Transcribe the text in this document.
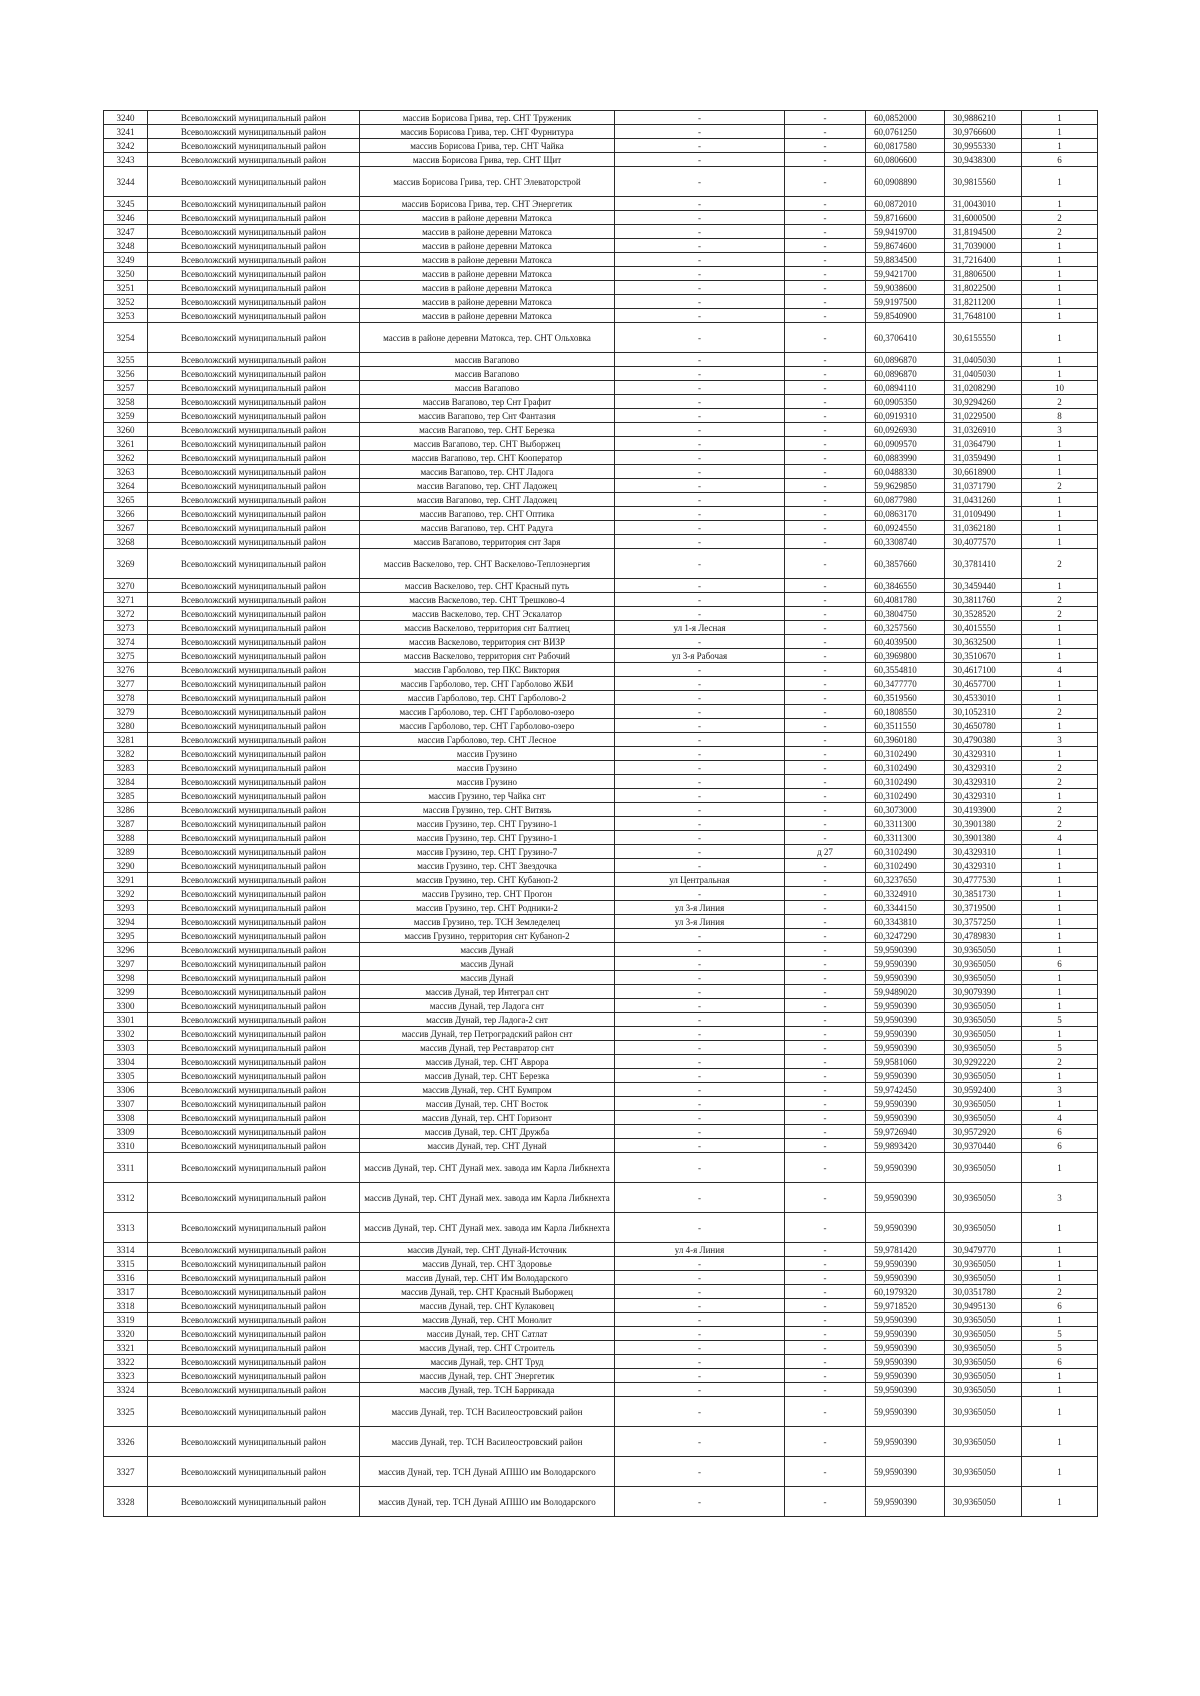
3240	Всеволожский муниципальный район	массив Борисова Грива, тер. СНТ Труженик	-	-	60,0852000	30,9886210	1
3241	Всеволожский муниципальный район	массив Борисова Грива, тер. СНТ Фурнитура	-	-	60,0761250	30,9766600	1
3242	Всеволожский муниципальный район	массив Борисова Грива, тер. СНТ Чайка	-	-	60,0817580	30,9955330	1
3243	Всеволожский муниципальный район	массив Борисова Грива, тер. СНТ Щит	-	-	60,0806600	30,9438300	6
3244	Всеволожский муниципальный район	массив Борисова Грива, тер. СНТ Элеваторстрой	-	-	60,0908890	30,9815560	1
3245	Всеволожский муниципальный район	массив Борисова Грива, тер. СНТ Энергетик	-	-	60,0872010	31,0043010	1
3246	Всеволожский муниципальный район	массив в районе деревни Матокса	-	-	59,8716600	31,6000500	2
3247	Всеволожский муниципальный район	массив в районе деревни Матокса	-	-	59,9419700	31,8194500	2
3248	Всеволожский муниципальный район	массив в районе деревни Матокса	-	-	59,8674600	31,7039000	1
3249	Всеволожский муниципальный район	массив в районе деревни Матокса	-	-	59,8834500	31,7216400	1
3250	Всеволожский муниципальный район	массив в районе деревни Матокса	-	-	59,9421700	31,8806500	1
3251	Всеволожский муниципальный район	массив в районе деревни Матокса	-	-	59,9038600	31,8022500	1
3252	Всеволожский муниципальный район	массив в районе деревни Матокса	-	-	59,9197500	31,8211200	1
3253	Всеволожский муниципальный район	массив в районе деревни Матокса	-	-	59,8540900	31,7648100	1
3254	Всеволожский муниципальный район	массив в районе деревни Матокса, тер. СНТ Ольховка	-	-	60,3706410	30,6155550	1
3255	Всеволожский муниципальный район	массив Вагапово	-	-	60,0896870	31,0405030	1
3256	Всеволожский муниципальный район	массив Вагапово	-	-	60,0896870	31,0405030	1
3257	Всеволожский муниципальный район	массив Вагапово	-	-	60,0894110	31,0208290	10
3258	Всеволожский муниципальный район	массив Вагапово, тер Снт Графит	-	-	60,0905350	30,9294260	2
3259	Всеволожский муниципальный район	массив Вагапово, тер Снт Фантазия	-	-	60,0919310	31,0229500	8
3260	Всеволожский муниципальный район	массив Вагапово, тер. СНТ Березка	-	-	60,0926930	31,0326910	3
3261	Всеволожский муниципальный район	массив Вагапово, тер. СНТ Выборжец	-	-	60,0909570	31,0364790	1
3262	Всеволожский муниципальный район	массив Вагапово, тер. СНТ Кооператор	-	-	60,0883990	31,0359490	1
3263	Всеволожский муниципальный район	массив Вагапово, тер. СНТ Ладога	-	-	60,0488330	30,6618900	1
3264	Всеволожский муниципальный район	массив Вагапово, тер. СНТ Ладожец	-	-	59,9629850	31,0371790	2
3265	Всеволожский муниципальный район	массив Вагапово, тер. СНТ Ладожец	-	-	60,0877980	31,0431260	1
3266	Всеволожский муниципальный район	массив Вагапово, тер. СНТ Оптика	-	-	60,0863170	31,0109490	1
3267	Всеволожский муниципальный район	массив Вагапово, тер. СНТ Радуга	-	-	60,0924550	31,0362180	1
3268	Всеволожский муниципальный район	массив Вагапово, территория снт Заря	-	-	60,3308740	30,4077570	1
3269	Всеволожский муниципальный район	массив Васкелово, тер. СНТ Васкелово-Теплоэнергия	-	-	60,3857660	30,3781410	2
3270	Всеволожский муниципальный район	массив Васкелово, тер. СНТ Красный путь	-	-	60,3846550	30,3459440	1
3271	Всеволожский муниципальный район	массив Васкелово, тер. СНТ Трешково-4	-	-	60,4081780	30,3811760	2
3272	Всеволожский муниципальный район	массив Васкелово, тер. СНТ Эскалатор	-	-	60,3804750	30,3528520	2
3273	Всеволожский муниципальный район	массив Васкелово, территория снт Балтиец	ул 1-я Лесная	-	60,3257560	30,4015550	1
3274	Всеволожский муниципальный район	массив Васкелово, территория снт ВИЗР	-	-	60,4039500	30,3632500	1
3275	Всеволожский муниципальный район	массив Васкелово, территория снт Рабочий	ул 3-я Рабочая	-	60,3969800	30,3510670	1
3276	Всеволожский муниципальный район	массив Гарболово, тер ПКС Виктория	-	-	60,3554810	30,4617100	4
3277	Всеволожский муниципальный район	массив Гарболово, тер. СНТ Гарболово ЖБИ	-	-	60,3477770	30,4657700	1
3278	Всеволожский муниципальный район	массив Гарболово, тер. СНТ Гарболово-2	-	-	60,3519560	30,4533010	1
3279	Всеволожский муниципальный район	массив Гарболово, тер. СНТ Гарболово-озеро	-	-	60,1808550	30,1052310	2
3280	Всеволожский муниципальный район	массив Гарболово, тер. СНТ Гарболово-озеро	-	-	60,3511550	30,4650780	1
3281	Всеволожский муниципальный район	массив Гарболово, тер. СНТ Лесное	-	-	60,3960180	30,4790380	3
3282	Всеволожский муниципальный район	массив Грузино	-	-	60,3102490	30,4329310	1
3283	Всеволожский муниципальный район	массив Грузино	-	-	60,3102490	30,4329310	2
3284	Всеволожский муниципальный район	массив Грузино	-	-	60,3102490	30,4329310	2
3285	Всеволожский муниципальный район	массив Грузино, тер Чайка снт	-	-	60,3102490	30,4329310	1
3286	Всеволожский муниципальный район	массив Грузино, тер. СНТ Витязь	-	-	60,3073000	30,4193900	2
3287	Всеволожский муниципальный район	массив Грузино, тер. СНТ Грузино-1	-	-	60,3311300	30,3901380	2
3288	Всеволожский муниципальный район	массив Грузино, тер. СНТ Грузино-1	-	-	60,3311300	30,3901380	4
3289	Всеволожский муниципальный район	массив Грузино, тер. СНТ Грузино-7	-	д 27	60,3102490	30,4329310	1
3290	Всеволожский муниципальный район	массив Грузино, тер. СНТ Звездочка	-	-	60,3102490	30,4329310	1
3291	Всеволожский муниципальный район	массив Грузино, тер. СНТ Кубаноп-2	ул Центральная	-	60,3237650	30,4777530	1
3292	Всеволожский муниципальный район	массив Грузино, тер. СНТ Прогон	-	-	60,3324910	30,3851730	1
3293	Всеволожский муниципальный район	массив Грузино, тер. СНТ Родники-2	ул 3-я Линия	-	60,3344150	30,3719500	1
3294	Всеволожский муниципальный район	массив Грузино, тер. ТСН Земледелец	ул 3-я Линия	-	60,3343810	30,3757250	1
3295	Всеволожский муниципальный район	массив Грузино, территория снт Кубаноп-2	-	-	60,3247290	30,4789830	1
3296	Всеволожский муниципальный район	массив Дунай	-	-	59,9590390	30,9365050	1
3297	Всеволожский муниципальный район	массив Дунай	-	-	59,9590390	30,9365050	6
3298	Всеволожский муниципальный район	массив Дунай	-	-	59,9590390	30,9365050	1
3299	Всеволожский муниципальный район	массив Дунай, тер Интеграл снт	-	-	59,9489020	30,9079390	1
3300	Всеволожский муниципальный район	массив Дунай, тер Ладога снт	-	-	59,9590390	30,9365050	1
3301	Всеволожский муниципальный район	массив Дунай, тер Ладога-2 снт	-	-	59,9590390	30,9365050	5
3302	Всеволожский муниципальный район	массив Дунай, тер Петроградский район снт	-	-	59,9590390	30,9365050	1
3303	Всеволожский муниципальный район	массив Дунай, тер Реставратор снт	-	-	59,9590390	30,9365050	5
3304	Всеволожский муниципальный район	массив Дунай, тер. СНТ Аврора	-	-	59,9581060	30,9292220	2
3305	Всеволожский муниципальный район	массив Дунай, тер. СНТ Березка	-	-	59,9590390	30,9365050	1
3306	Всеволожский муниципальный район	массив Дунай, тер. СНТ Бумпром	-	-	59,9742450	30,9592400	3
3307	Всеволожский муниципальный район	массив Дунай, тер. СНТ Восток	-	-	59,9590390	30,9365050	1
3308	Всеволожский муниципальный район	массив Дунай, тер. СНТ Горизонт	-	-	59,9590390	30,9365050	4
3309	Всеволожский муниципальный район	массив Дунай, тер. СНТ Дружба	-	-	59,9726940	30,9572920	6
3310	Всеволожский муниципальный район	массив Дунай, тер. СНТ Дунай	-	-	59,9893420	30,9370440	6
3311	Всеволожский муниципальный район	массив Дунай, тер. СНТ Дунай мех. завода им Карла Либкнехта	-	-	59,9590390	30,9365050	1
3312	Всеволожский муниципальный район	массив Дунай, тер. СНТ Дунай мех. завода им Карла Либкнехта	-	-	59,9590390	30,9365050	3
3313	Всеволожский муниципальный район	массив Дунай, тер. СНТ Дунай мех. завода им Карла Либкнехта	-	-	59,9590390	30,9365050	1
3314	Всеволожский муниципальный район	массив Дунай, тер. СНТ Дунай-Источник	ул 4-я Линия	-	59,9781420	30,9479770	1
3315	Всеволожский муниципальный район	массив Дунай, тер. СНТ Здоровье	-	-	59,9590390	30,9365050	1
3316	Всеволожский муниципальный район	массив Дунай, тер. СНТ Им Володарского	-	-	59,9590390	30,9365050	1
3317	Всеволожский муниципальный район	массив Дунай, тер. СНТ Красный Выборжец	-	-	60,1979320	30,0351780	2
3318	Всеволожский муниципальный район	массив Дунай, тер. СНТ Кулаковец	-	-	59,9718520	30,9495130	6
3319	Всеволожский муниципальный район	массив Дунай, тер. СНТ Монолит	-	-	59,9590390	30,9365050	1
3320	Всеволожский муниципальный район	массив Дунай, тер. СНТ Сатлат	-	-	59,9590390	30,9365050	5
3321	Всеволожский муниципальный район	массив Дунай, тер. СНТ Строитель	-	-	59,9590390	30,9365050	5
3322	Всеволожский муниципальный район	массив Дунай, тер. СНТ Труд	-	-	59,9590390	30,9365050	6
3323	Всеволожский муниципальный район	массив Дунай, тер. СНТ Энергетик	-	-	59,9590390	30,9365050	1
3324	Всеволожский муниципальный район	массив Дунай, тер. ТСН Баррикада	-	-	59,9590390	30,9365050	1
3325	Всеволожский муниципальный район	массив Дунай, тер. ТСН Василеостровский район	-	-	59,9590390	30,9365050	1
3326	Всеволожский муниципальный район	массив Дунай, тер. ТСН Василеостровский район	-	-	59,9590390	30,9365050	1
3327	Всеволожский муниципальный район	массив Дунай, тер. ТСН Дунай АПШО им Володарского	-	-	59,9590390	30,9365050	1
3328	Всеволожский муниципальный район	массив Дунай, тер. ТСН Дунай АПШО им Володарского	-	-	59,9590390	30,9365050	1
